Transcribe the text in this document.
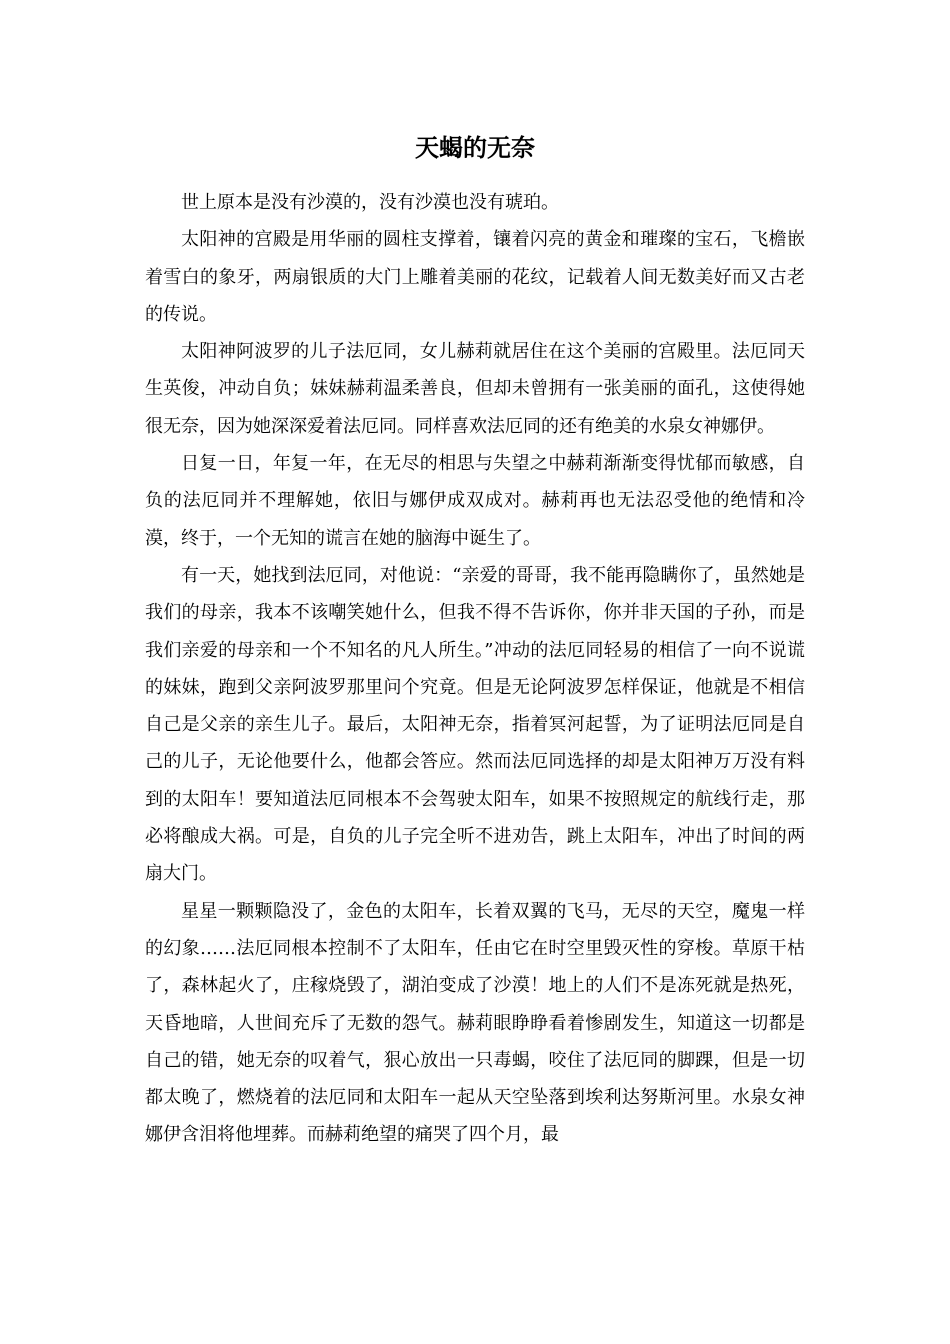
天蝎的无奈

世上原本是没有沙漠的，没有沙漠也没有琥珀。

太阳神的宫殿是用华丽的圆柱支撑着，镶着闪亮的黄金和璀璨的宝石，飞檐嵌着雪白的象牙，两扇银质的大门上雕着美丽的花纹，记载着人间无数美好而又古老的传说。

太阳神阿波罗的儿子法厄同，女儿赫莉就居住在这个美丽的宫殿里。法厄同天生英俊，冲动自负；妹妹赫莉温柔善良，但却未曾拥有一张美丽的面孔，这使得她很无奈，因为她深深爱着法厄同。同样喜欢法厄同的还有绝美的水泉女神娜伊。

日复一日，年复一年，在无尽的相思与失望之中赫莉渐渐变得忧郁而敏感，自负的法厄同并不理解她，依旧与娜伊成双成对。赫莉再也无法忍受他的绝情和冷漠，终于，一个无知的谎言在她的脑海中诞生了。

有一天，她找到法厄同，对他说：“亲爱的哥哥，我不能再隐瞒你了，虽然她是我们的母亲，我本不该嘲笑她什么，但我不得不告诉你，你并非天国的子孙，而是我们亲爱的母亲和一个不知名的凡人所生。”冲动的法厄同轻易的相信了一向不说谎的妹妹，跑到父亲阿波罗那里问个究竟。但是无论阿波罗怎样保证，他就是不相信自己是父亲的亲生儿子。最后，太阳神无奈，指着冥河起誓，为了证明法厄同是自己的儿子，无论他要什么，他都会答应。然而法厄同选择的却是太阳神万万没有料到的太阳车！要知道法厄同根本不会驾驶太阳车，如果不按照规定的航线行走，那必将酿成大祸。可是，自负的儿子完全听不进劝告，跳上太阳车，冲出了时间的两扇大门。

星星一颗颗隐没了，金色的太阳车，长着双翼的飞马，无尽的天空，魔鬼一样的幻象……法厄同根本控制不了太阳车，任由它在时空里毁灭性的穿梭。草原干枯了，森林起火了，庄稼烧毁了，湖泊变成了沙漠！地上的人们不是冻死就是热死，天昏地暗，人世间充斥了无数的怨气。赫莉眼睁睁看着惨剧发生，知道这一切都是自己的错，她无奈的叹着气，狠心放出一只毒蝎，咬住了法厄同的脚踝，但是一切都太晚了，燃烧着的法厄同和太阳车一起从天空坠落到埃利达努斯河里。水泉女神娜伊含泪将他埋葬。而赫莉绝望的痛哭了四个月，最
